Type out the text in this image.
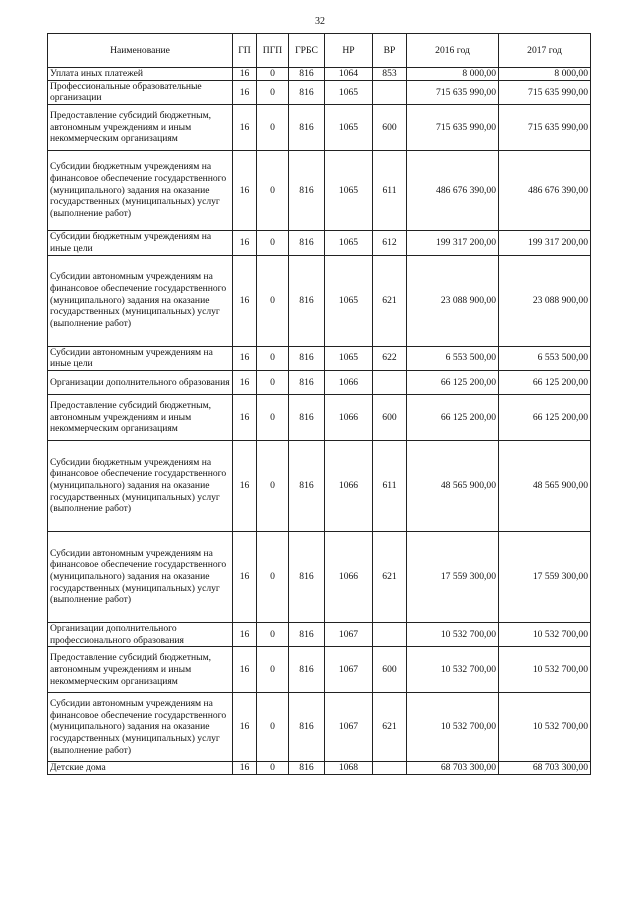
32
Наименование	ГП	ПГП	ГРБС	НР	ВР	2016 год	2017 год
Уплата иных платежей	16	0	816	1064	853	8 000,00	8 000,00
Профессиональные образовательные организации	16	0	816	1065		715 635 990,00	715 635 990,00
Предоставление субсидий бюджетным, автономным учреждениям и иным некоммерческим организациям	16	0	816	1065	600	715 635 990,00	715 635 990,00
Субсидии бюджетным учреждениям на финансовое обеспечение государственного (муниципального) задания на оказание государственных (муниципальных) услуг (выполнение работ)	16	0	816	1065	611	486 676 390,00	486 676 390,00
Субсидии бюджетным учреждениям на иные цели	16	0	816	1065	612	199 317 200,00	199 317 200,00
Субсидии автономным учреждениям на финансовое обеспечение государственного (муниципального) задания на оказание государственных (муниципальных) услуг (выполнение работ)	16	0	816	1065	621	23 088 900,00	23 088 900,00
Субсидии автономным учреждениям на иные цели	16	0	816	1065	622	6 553 500,00	6 553 500,00
Организации дополнительного образования	16	0	816	1066		66 125 200,00	66 125 200,00
Предоставление субсидий бюджетным, автономным учреждениям и иным некоммерческим организациям	16	0	816	1066	600	66 125 200,00	66 125 200,00
Субсидии бюджетным учреждениям на финансовое обеспечение государственного (муниципального) задания на оказание государственных (муниципальных) услуг (выполнение работ)	16	0	816	1066	611	48 565 900,00	48 565 900,00
Субсидии автономным учреждениям на финансовое обеспечение государственного (муниципального) задания на оказание государственных (муниципальных) услуг (выполнение работ)	16	0	816	1066	621	17 559 300,00	17 559 300,00
Организации дополнительного профессионального образования	16	0	816	1067		10 532 700,00	10 532 700,00
Предоставление субсидий бюджетным, автономным учреждениям и иным некоммерческим организациям	16	0	816	1067	600	10 532 700,00	10 532 700,00
Субсидии автономным учреждениям на финансовое обеспечение государственного (муниципального) задания на оказание государственных (муниципальных) услуг (выполнение работ)	16	0	816	1067	621	10 532 700,00	10 532 700,00
Детские дома	16	0	816	1068		68 703 300,00	68 703 300,00
